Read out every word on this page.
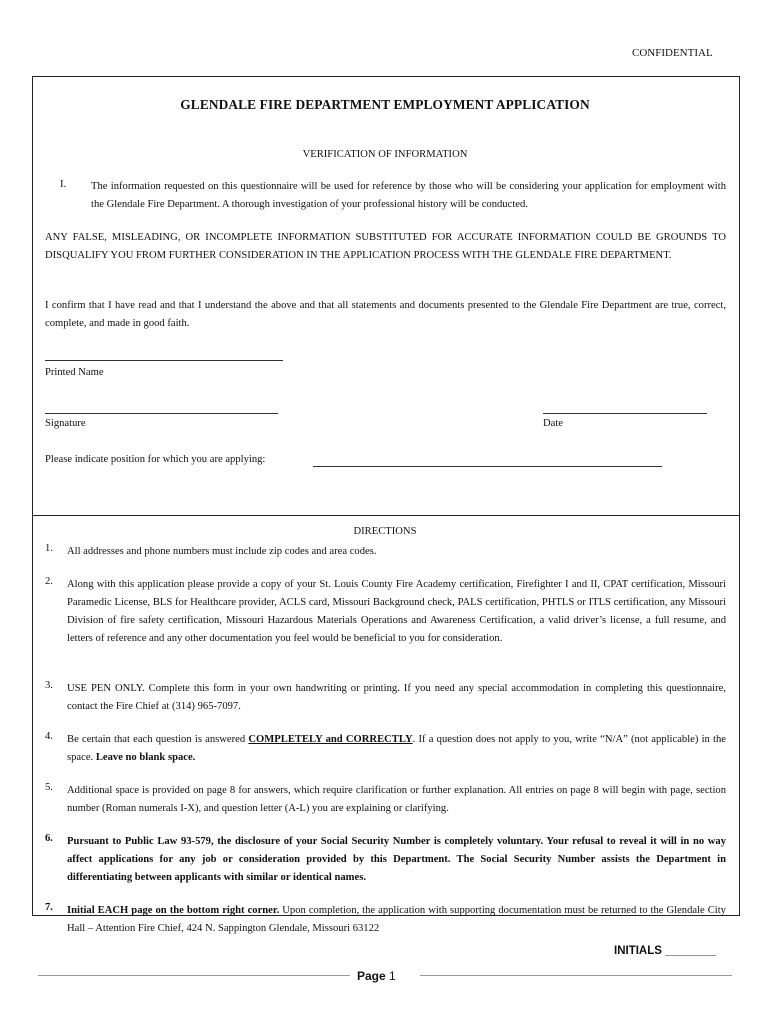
CONFIDENTIAL
GLENDALE FIRE DEPARTMENT EMPLOYMENT APPLICATION
VERIFICATION OF INFORMATION
I. The information requested on this questionnaire will be used for reference by those who will be considering your application for employment with the Glendale Fire Department. A thorough investigation of your professional history will be conducted.
ANY FALSE, MISLEADING, OR INCOMPLETE INFORMATION SUBSTITUTED FOR ACCURATE INFORMATION COULD BE GROUNDS TO DISQUALIFY YOU FROM FURTHER CONSIDERATION IN THE APPLICATION PROCESS WITH THE GLENDALE FIRE DEPARTMENT.
I confirm that I have read and that I understand the above and that all statements and documents presented to the Glendale Fire Department are true, correct, complete, and made in good faith.
Printed Name
Signature	Date
Please indicate position for which you are applying:
DIRECTIONS
1. All addresses and phone numbers must include zip codes and area codes.
2. Along with this application please provide a copy of your St. Louis County Fire Academy certification, Firefighter I and II, CPAT certification, Missouri Paramedic License, BLS for Healthcare provider, ACLS card, Missouri Background check, PALS certification, PHTLS or ITLS certification, any Missouri Division of fire safety certification, Missouri Hazardous Materials Operations and Awareness Certification, a valid driver’s license, a full resume, and letters of reference and any other documentation you feel would be beneficial to you for consideration.
3. USE PEN ONLY. Complete this form in your own handwriting or printing. If you need any special accommodation in completing this questionnaire, contact the Fire Chief at (314) 965-7097.
4. Be certain that each question is answered COMPLETELY and CORRECTLY. If a question does not apply to you, write “N/A” (not applicable) in the space. Leave no blank space.
5. Additional space is provided on page 8 for answers, which require clarification or further explanation. All entries on page 8 will begin with page, section number (Roman numerals I-X), and question letter (A-L) you are explaining or clarifying.
6. Pursuant to Public Law 93-579, the disclosure of your Social Security Number is completely voluntary. Your refusal to reveal it will in no way affect applications for any job or consideration provided by this Department. The Social Security Number assists the Department in differentiating between applicants with similar or identical names.
7. Initial EACH page on the bottom right corner. Upon completion, the application with supporting documentation must be returned to the Glendale City Hall – Attention Fire Chief, 424 N. Sappington Glendale, Missouri 63122
INITIALS ________
Page 1
